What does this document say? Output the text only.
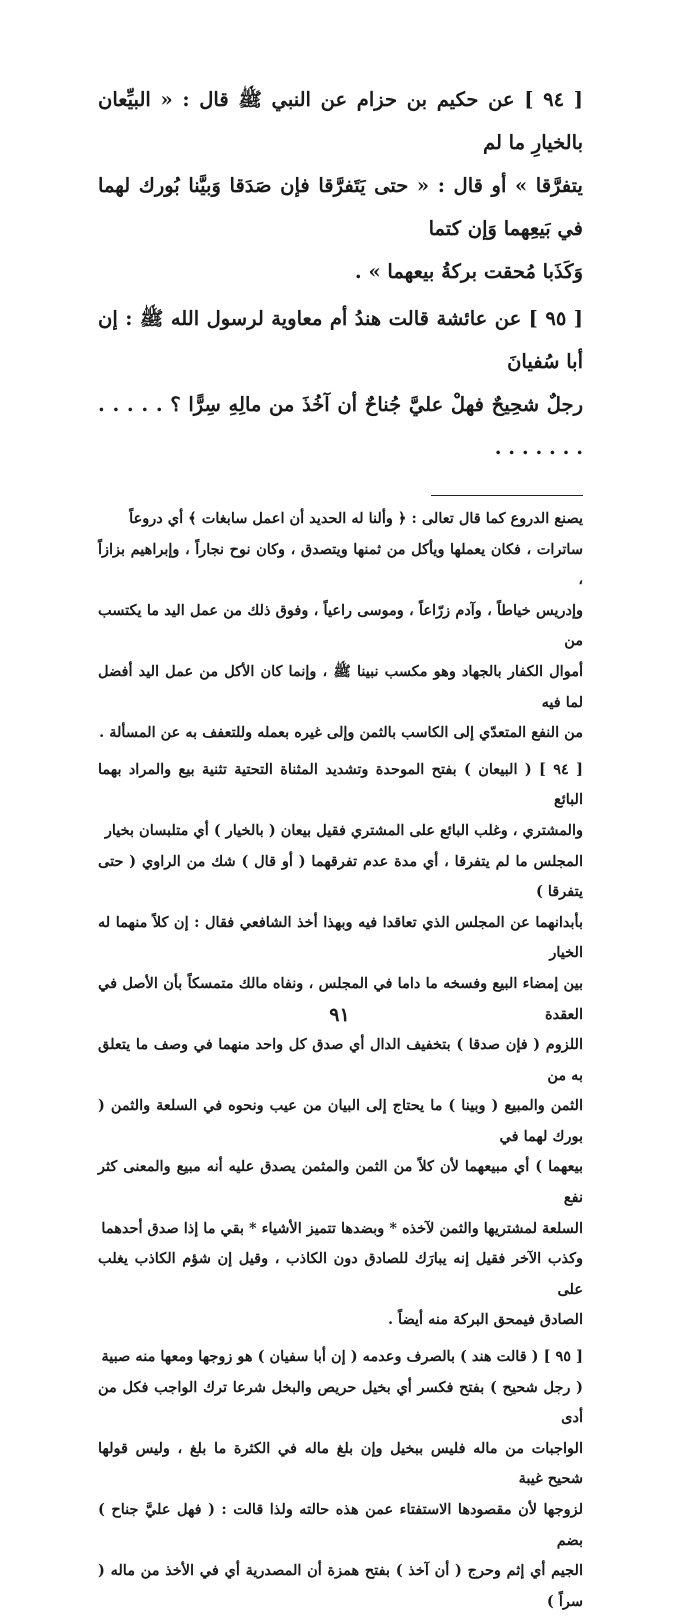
[ ٩٤ ] عن حكيم بن حزام عن النبي ﷺ قال : « البيِّعان بالخيارِ ما لم
يتفرَّقا » أو قال : « حتى يَتَفرَّقا فإن صَدَقا وَبيَّنا بُورك لهما في بَيعِهما وَإن كتما
وَكَذَبا مُحقت بركةُ بيعهما » .

[ ٩٥ ] عن عائشة قالت هندُ أم معاوية لرسول الله ﷺ : إن أبا سُفيانَ
رجلٌ شحِيحٌ فهلْ عليَّ جُناحٌ أن آخُذَ من مالِهِ سِرًّا ؟ . . . . . . . . . . . .

يصنع الدروع كما قال تعالى : ﴿ وألنا له الحديد أن اعمل سابغات ﴾ أي دروعاً
ساترات ، فكان يعملها ويأكل من ثمنها ويتصدق ، وكان نوح نجاراً ، وإبراهيم بزازاً ،
وإدريس خياطاً ، وآدم زرّاعاً ، وموسى راعياً ، وفوق ذلك من عمل اليد ما يكتسب من
أموال الكفار بالجهاد وهو مكسب نبينا ﷺ ، وإنما كان الأكل من عمل اليد أفضل لما فيه
من النفع المتعدّي إلى الكاسب بالثمن وإلى غيره بعمله وللتعفف به عن المسألة .

[ ٩٤ ] ( البيعان ) بفتح الموحدة وتشديد المثناة التحتية تثنية بيع والمراد بهما البائع
والمشتري ، وغلب البائع على المشتري فقيل بيعان ( بالخيار ) أي متلبسان بخيار
المجلس ما لم يتفرقا ، أي مدة عدم تفرقهما ( أو قال ) شك من الراوي ( حتى يتفرقا )
بأبدانهما عن المجلس الذي تعاقدا فيه وبهذا أخذ الشافعي فقال : إن كلاً منهما له الخيار
بين إمضاء البيع وفسخه ما داما في المجلس ، ونفاه مالك متمسكاً بأن الأصل في العقدة
اللزوم ( فإن صدقا ) بتخفيف الدال أي صدق كل واحد منهما في وصف ما يتعلق به من
الثمن والمبيع ( وبينا ) ما يحتاج إلى البيان من عيب ونحوه في السلعة والثمن ( بورك لهما في
بيعهما ) أي مبيعهما لأن كلاً من الثمن والمثمن يصدق عليه أنه مبيع والمعنى كثر نفع
السلعة لمشتريها والثمن لآخذه * وبضدها تتميز الأشياء * بقي ما إذا صدق أحدهما
وكذب الآخر فقيل إنه يبارَك للصادق دون الكاذب ، وقيل إن شؤم الكاذب يغلب على
الصادق فيمحق البركة منه أيضاً .

[ ٩٥ ] ( قالت هند ) بالصرف وعدمه ( إن أبا سفيان ) هو زوجها ومعها منه صبية
( رجل شحيح ) بفتح فكسر أي بخيل حريص والبخل شرعا ترك الواجب فكل من أدى
الواجبات من ماله فليس ببخيل وإن بلغ ماله في الكثرة ما بلغ ، وليس قولها شحيح غيبة
لزوجها لأن مقصودها الاستفتاء عمن هذه حالته ولذا قالت : ( فهل عليَّ جناح ) بضم
الجيم أي إثم وحرج ( أن آخذ ) بفتح همزة أن المصدرية أي في الأخذ من ماله ( سراً )

٩١
